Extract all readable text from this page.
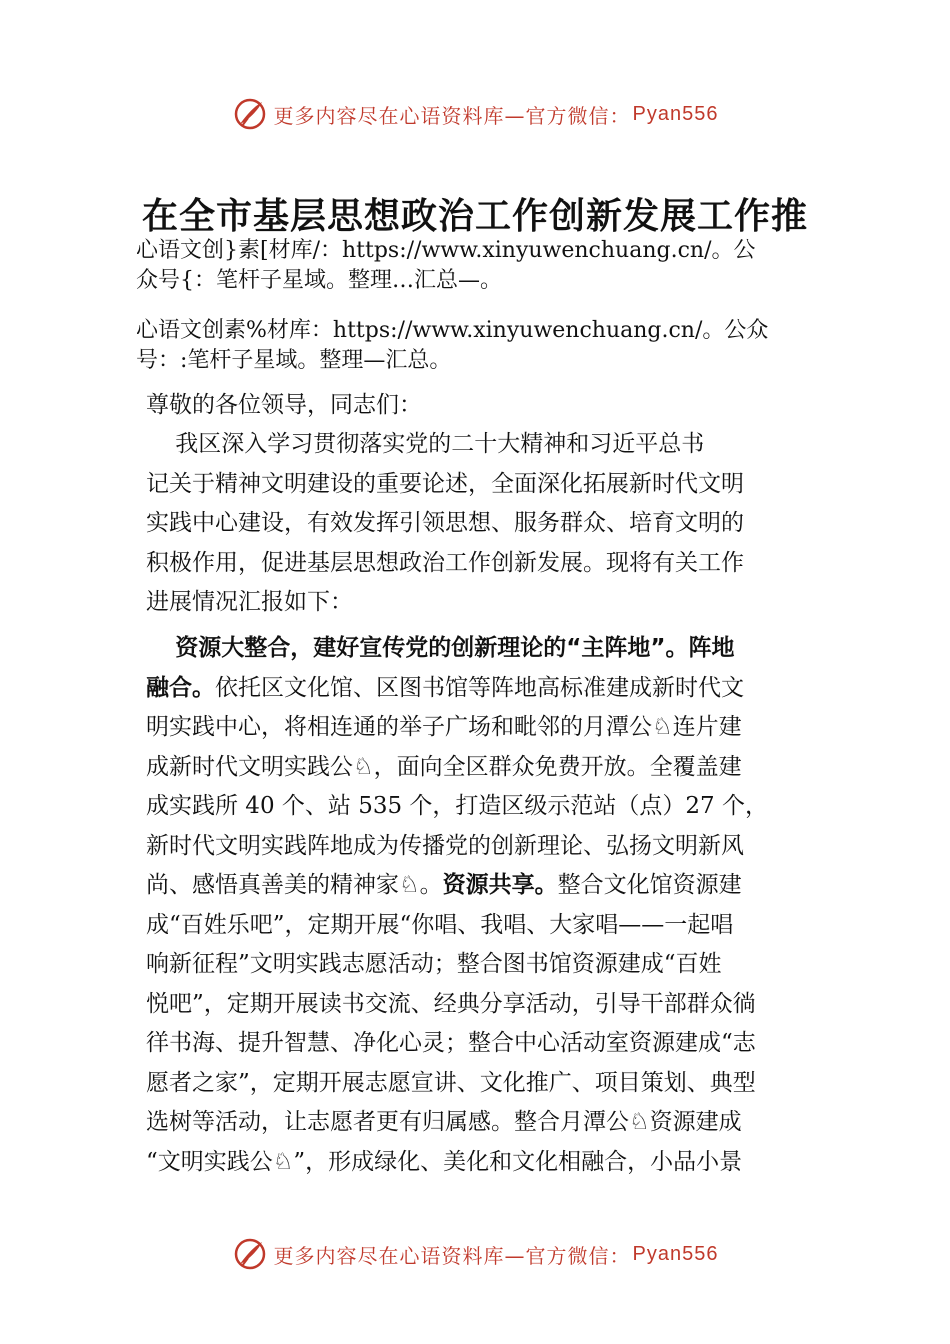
更多内容尽在心语资料库—官方微信： Pyan556
在全市基层思想政治工作创新发展工作推
心语文创}素[材库/：https://www.xinyuwenchuang.cn/。公
众号{：笔杆子星域。整理…汇总—。
心语文创素%材库：https://www.xinyuwenchuang.cn/。公众
号：:笔杆子星域。整理—汇总。
尊敬的各位领导，同志们：
我区深入学习贯彻落实党的二十大精神和习近平总书
记关于精神文明建设的重要论述，全面深化拓展新时代文明
实践中心建设，有效发挥引领思想、服务群众、培育文明的
积极作用，促进基层思想政治工作创新发展。现将有关工作
进展情况汇报如下：
资源大整合，建好宣传党的创新理论的“主阵地”。阵地
融合。依托区文化馆、区图书馆等阵地高标准建成新时代文
明实践中心，将相连通的举子广场和毗邻的月潭公♘连片建
成新时代文明实践公♘，面向全区群众免费开放。全覆盖建
成实践所 40 个、站 535 个，打造区级示范站（点）27 个，
新时代文明实践阵地成为传播党的创新理论、弘扬文明新风
尚、感悟真善美的精神家♘。资源共享。整合文化馆资源建
成“百姓乐吧”，定期开展“你唱、我唱、大家唱——一起唱
响新征程”文明实践志愿活动；整合图书馆资源建成“百姓
悦吧”，定期开展读书交流、经典分享活动，引导干部群众徜
徉书海、提升智慧、净化心灵；整合中心活动室资源建成“志
愿者之家”，定期开展志愿宣讲、文化推广、项目策划、典型
选树等活动，让志愿者更有归属感。整合月潭公♘资源建成
“文明实践公♘”，形成绿化、美化和文化相融合，小品小景
更多内容尽在心语资料库—官方微信： Pyan556
